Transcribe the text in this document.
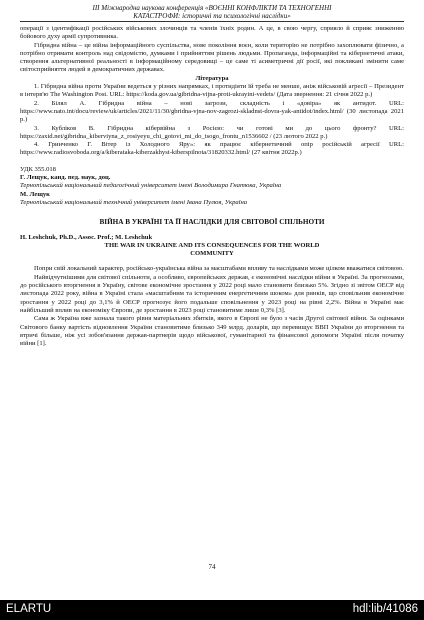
ІІІ Міжнародна наукова конференція «ВОЄННІ КОНФЛІКТИ ТА ТЕХНОГЕННІ
КАТАСТРОФИ: історичні та психологічні наслідки»

операції з ідентифікації російських військових злочинців та членів їхніх родин. А це, в свою чергу, сприяло й сприяє зниженню бойового духу армії супротивника.

Гібридна війна – це війна інформаційного суспільства, нове покоління воєн, коли територію не потрібно захоплювати фізично, а потрібно отримати контроль над свідомістю, думками і прийняттям рішень людьми. Пропаганда, інформаційні та кібернетичні атаки, створення альтернативної реальності в інформаційному середовищі – це саме ті асиметричні дії росії, які покликані змінити саме світосприйняття людей в демократичних державах.

Література

1. Гібридна війна проти України ведеться у різних напрямках, і протидіяти їй треба не менше, аніж військовій агресії – Президент в інтерв'ю The Washington Post. URL: https://koda.gov.ua/gibridna-vijna-proti-ukrayini-vedets/ (Дата звернення: 21 січня 2022 р.)

2. Білял А. Гібридна війна – нові загрози, складність і «довіра» як антидот. URL: https://www.nato.int/docu/review/uk/articles/2021/11/30/gbridna-vjna-nov-zagrozi-skladnst-dovra-yak-antidot/index.html/ (30 листопада 2021 р.)

3. Кубліков В. Гібридна кібервійна з Росією: чи готові ми до цього фронту? URL: https://zaxid.net/gibridna_kiberviyna_z_rosiyeyu_chi_gotovi_mi_do_tsogo_frontu_n1536602 / (23 лютого 2022 р.)

4. Гринченко Г. Вітер із Холодного Яру»: як працює кібернетичний опір російській агресії URL: https://www.radiosvoboda.org/a/kiberataka-kiberzakhyst-kiberspilnota/31820332.html/ (27 квітня 2022р.)

УДК 355.018

Г. Лещук, канд. пед. наук, доц.

Тернопільський національний педагогічний університет імені Володимира Гнатюка, Україна

М. Лещук

Тернопільський національний технічний університет імені Івана Пулюя, Україна

ВІЙНА В УКРАЇНІ ТА ЇЇ НАСЛІДКИ ДЛЯ СВІТОВОЇ СПІЛЬНОТИ

H. Leshchuk, Ph.D., Assoc. Prof.; M. Leshchuk

THE WAR IN UKRAINE AND ITS CONSEQUENCES FOR THE WORLD

COMMUNITY

Попри свій локальний характер, російсько-українська війна за масштабами впливу та наслідками може цілком вважатися світовою.

Найвідчутнішими для світової спільноти, а особливо, європейських держав, є економічні наслідки війни в Україні. За прогнозами, до російського вторгнення в Україну, світове економічне зростання у 2022 році мало становити близько 5%. Згідно зі звітом ОЕСР від листопада 2022 року, війна в Україні стала «масштабним та історичним енергетичним шоком» для ринків, що сповільнив економічне зростання у 2022 році до 3,1% й ОЕСР прогнозує його подальше сповільнення у 2023 році на рівні 2,2%. Війна в Україні має найбільший вплив на економіку Європи, де зростання в 2023 році становитиме лише 0,3% [3].

Сама ж Україна вже зазнала такого рівня матеріальних збитків, якого в Європі не було з часів Другої світової війни. За оцінками Світового банку вартість відновлення України становитиме близько 349 млрд. доларів, що перевищує ВВП України до вторгнення та втричі більше, ніж усі зобов'язання держав-партнерів щодо військової, гуманітарної та фінансової допомоги Україні після початку війни [1].

74
ELARTU	hdl:lib/41086
